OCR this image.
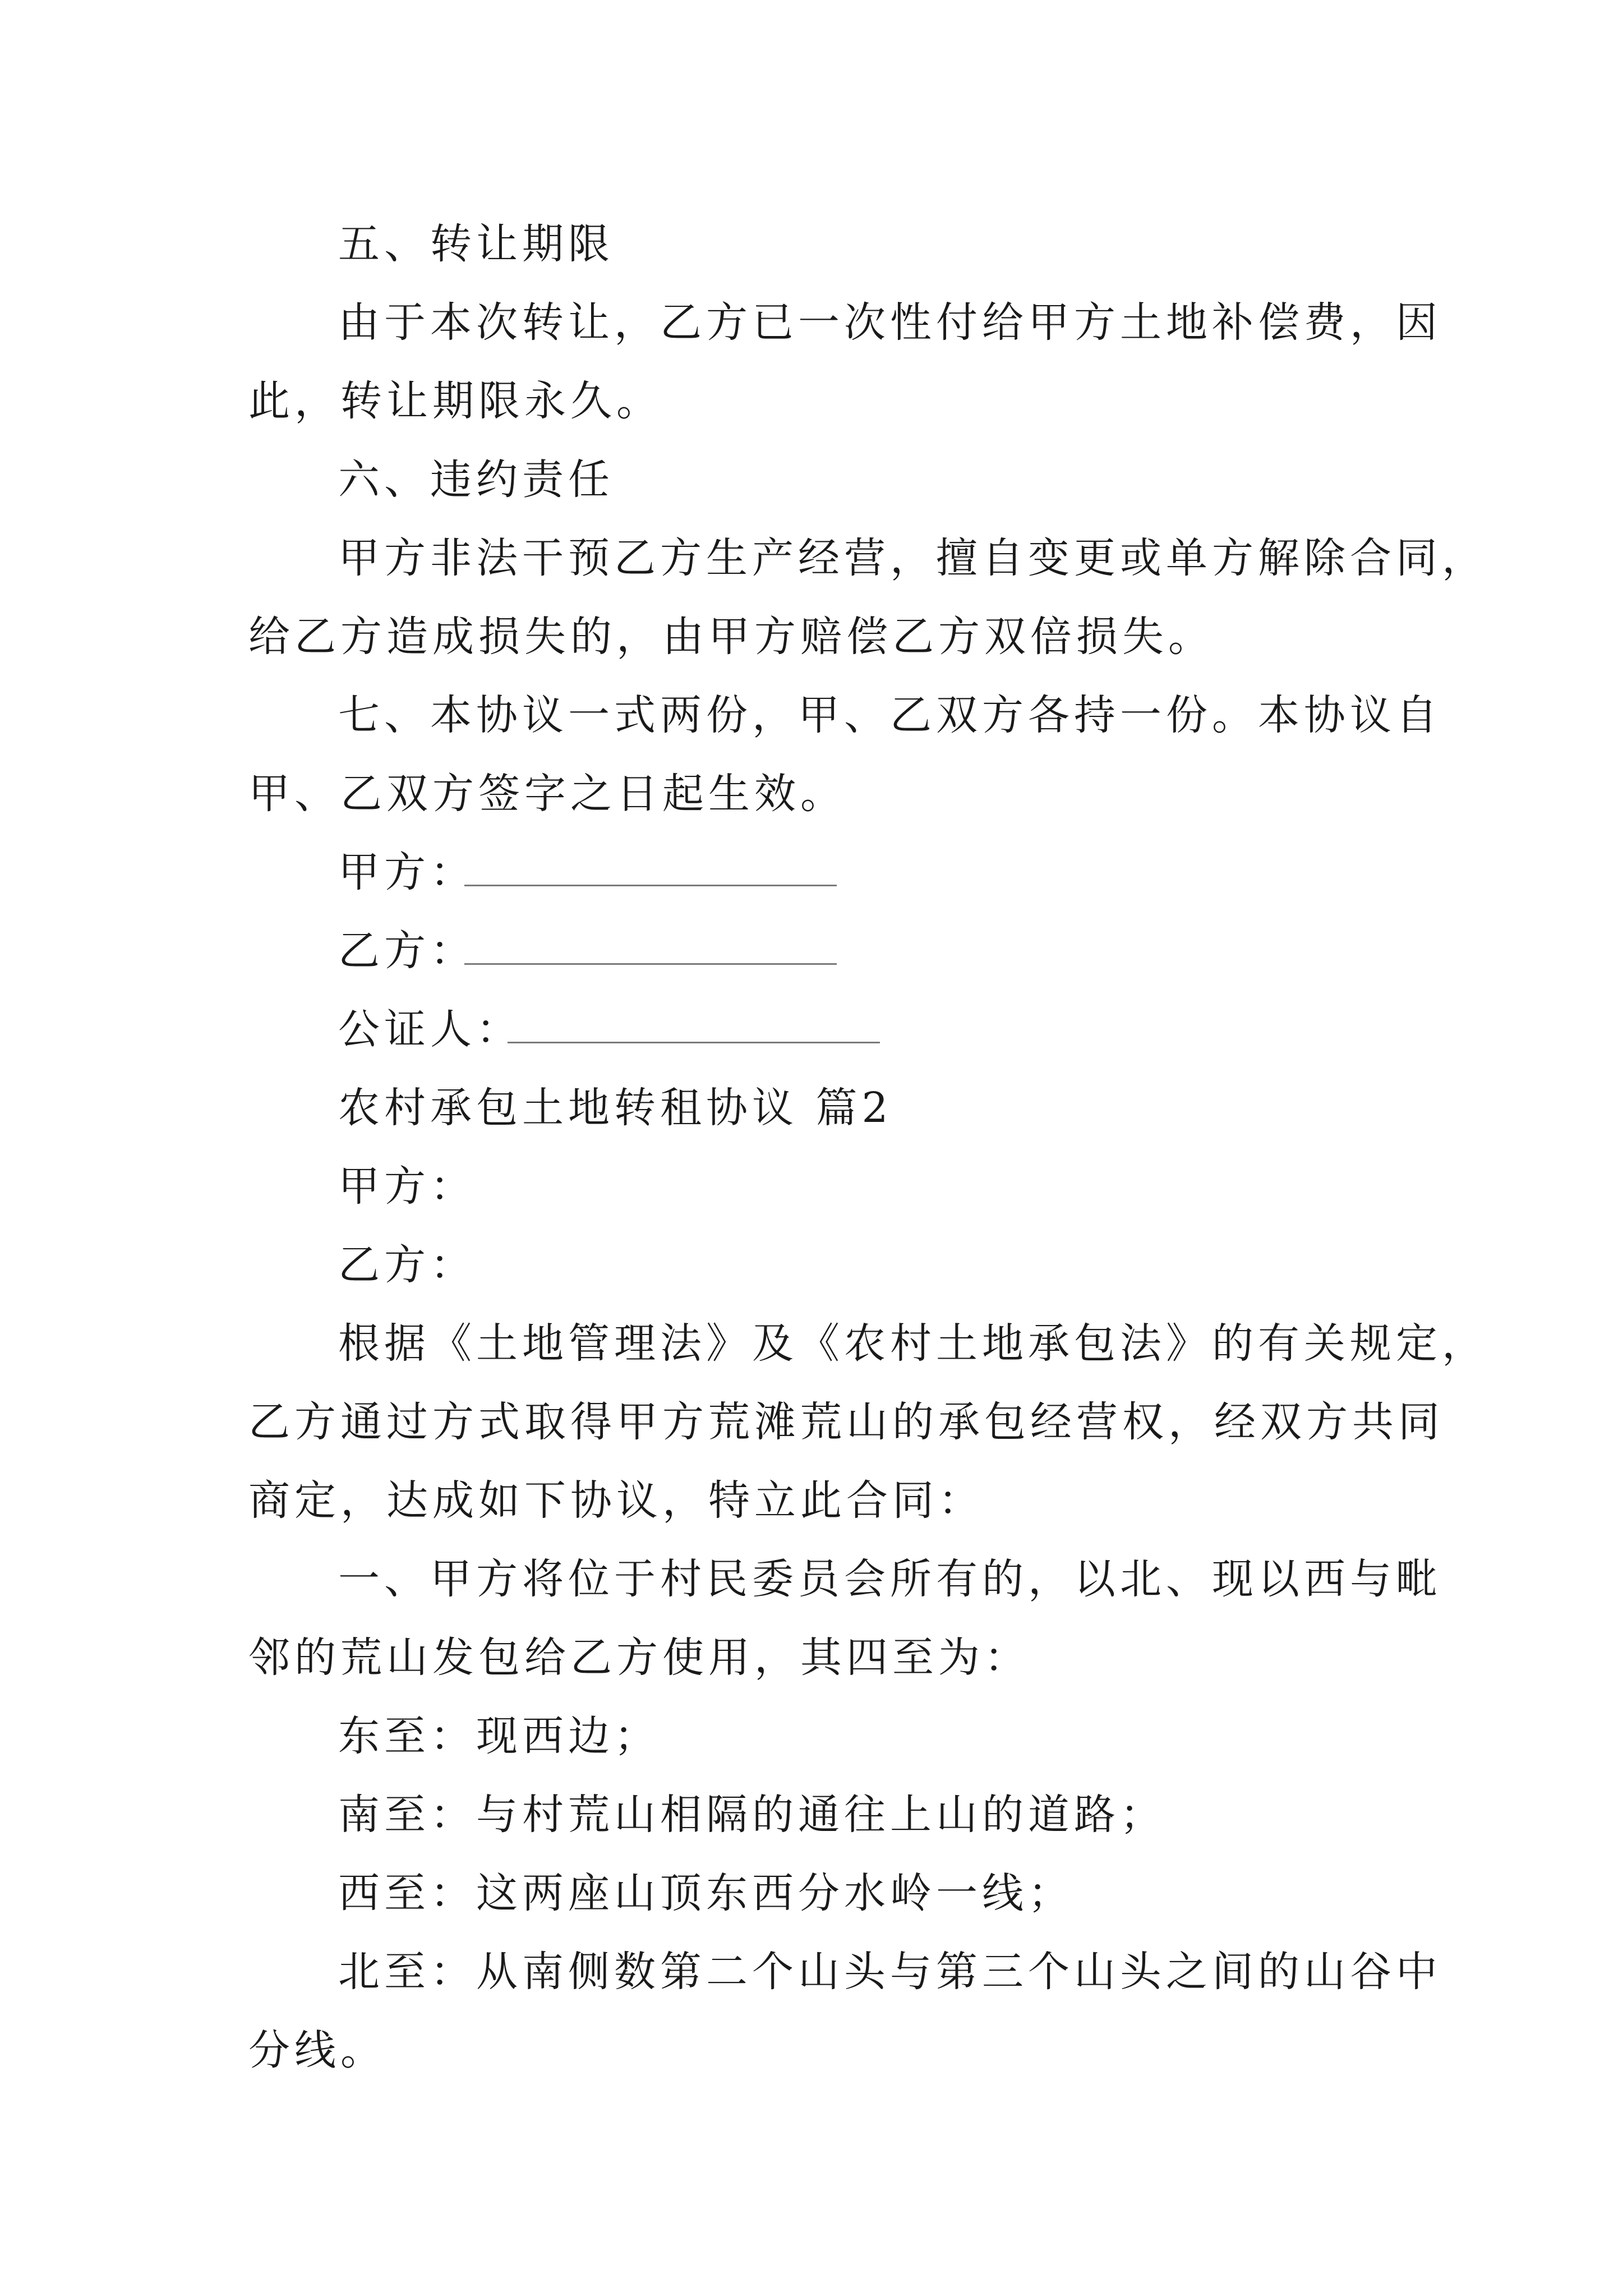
五、转让期限
由于本次转让，乙方已一次性付给甲方土地补偿费，因
此，转让期限永久。
六、违约责任
甲方非法干预乙方生产经营，擅自变更或单方解除合同，
给乙方造成损失的，由甲方赔偿乙方双倍损失。
七、本协议一式两份，甲、乙双方各持一份。本协议自
甲、乙双方签字之日起生效。
甲方：
乙方：
公证人：
农村承包土地转租协议 篇2
甲方：
乙方：
根据《土地管理法》及《农村土地承包法》的有关规定，
乙方通过方式取得甲方荒滩荒山的承包经营权，经双方共同
商定，达成如下协议，特立此合同：
一、甲方将位于村民委员会所有的，以北、现以西与毗
邻的荒山发包给乙方使用，其四至为：
东至：现西边；
南至：与村荒山相隔的通往上山的道路；
西至：这两座山顶东西分水岭一线；
北至：从南侧数第二个山头与第三个山头之间的山谷中
分线。
